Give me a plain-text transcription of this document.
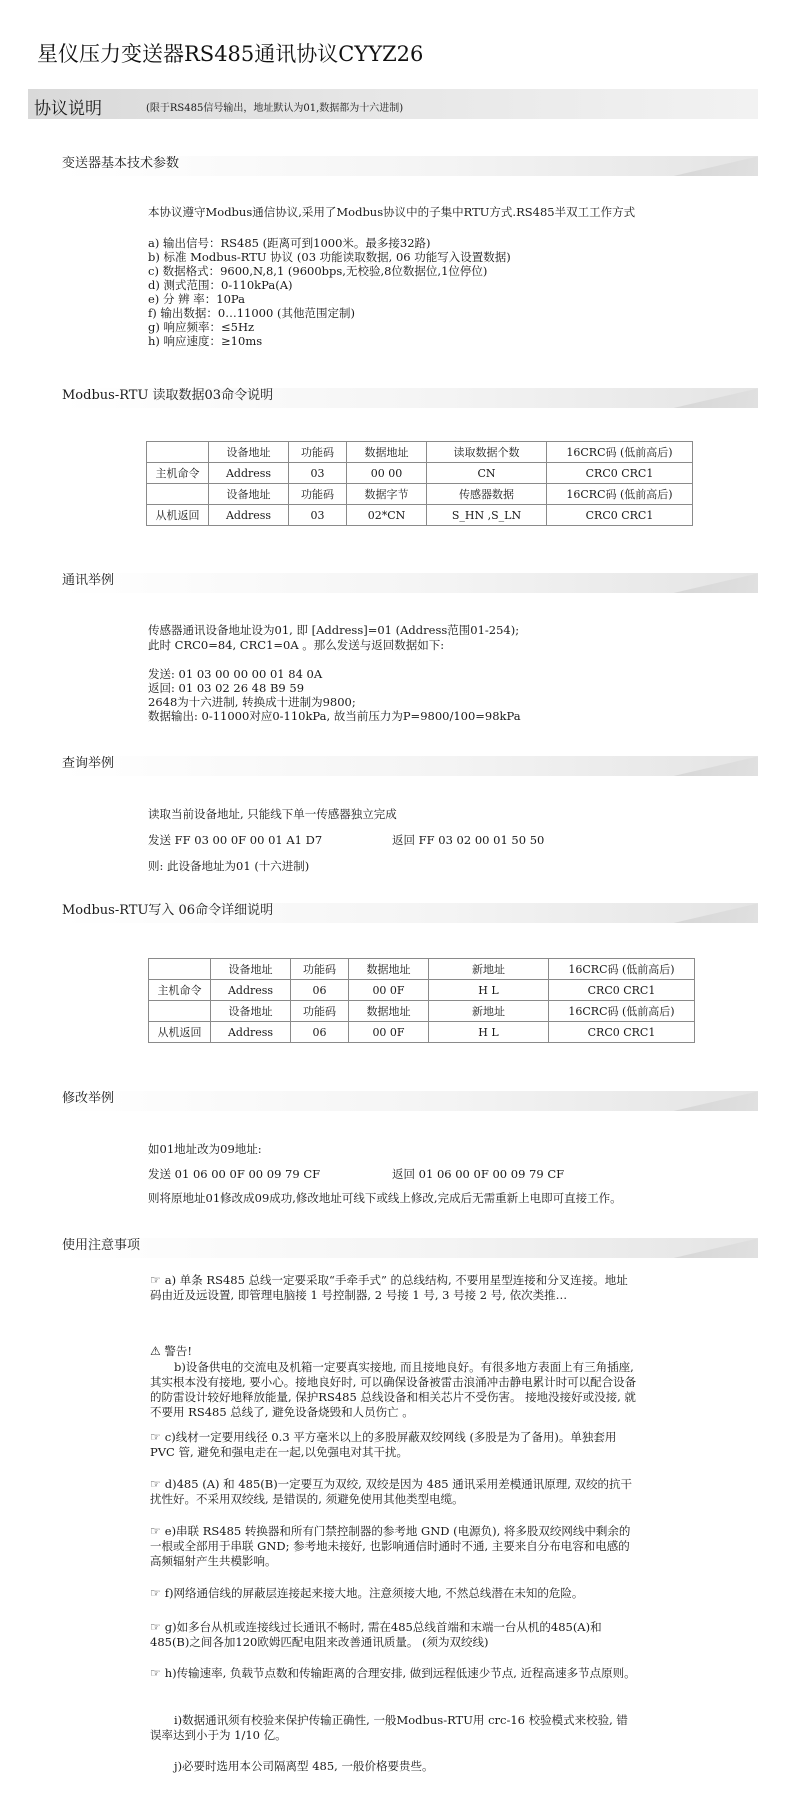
星仪压力变送器RS485通讯协议CYYZ26
协议说明	(限于RS485信号输出，地址默认为01,数据都为十六进制)
变送器基本技术参数
本协议遵守Modbus通信协议,采用了Modbus协议中的子集中RTU方式.RS485半双工工作方式
a) 输出信号：RS485 (距离可到1000米。最多接32路)
b) 标准 Modbus-RTU 协议 (03 功能读取数据, 06 功能写入设置数据)
c) 数据格式：9600,N,8,1 (9600bps,无校验,8位数据位,1位停位)
d) 测式范围：0-110kPa(A)
e) 分 辨 率：10Pa
f) 输出数据：0…11000 (其他范围定制)
g) 响应频率：≤5Hz
h) 响应速度：≥10ms
Modbus-RTU 读取数据03命令说明
	设备地址	功能码	数据地址	读取数据个数	16CRC码 (低前高后)
主机命令	Address	03	00 00	CN	CRC0 CRC1
	设备地址	功能码	数据字节	传感器数据	16CRC码 (低前高后)
从机返回	Address	03	02*CN	S_HN ,S_LN	CRC0 CRC1
通讯举例
传感器通讯设备地址设为01, 即 [Address]=01 (Address范围01-254);
此时 CRC0=84, CRC1=0A 。那么发送与返回数据如下:
发送: 01 03 00 00 00 01 84 0A
返回: 01 03 02 26 48 B9 59
2648为十六进制, 转换成十进制为9800;
数据输出: 0-11000对应0-110kPa, 故当前压力为P=9800/100=98kPa
查询举例
读取当前设备地址, 只能线下单一传感器独立完成
发送 FF 03 00 0F 00 01 A1 D7	返回 FF 03 02 00 01 50 50
则: 此设备地址为01 (十六进制)
Modbus-RTU写入 06命令详细说明
	设备地址	功能码	数据地址	新地址	16CRC码 (低前高后)
主机命令	Address	06	00 0F	H L	CRC0 CRC1
	设备地址	功能码	数据地址	新地址	16CRC码 (低前高后)
从机返回	Address	06	00 0F	H L	CRC0 CRC1
修改举例
如01地址改为09地址:
发送 01 06 00 0F 00 09 79 CF	返回 01 06 00 0F 00 09 79 CF
则将原地址01修改成09成功,修改地址可线下或线上修改,完成后无需重新上电即可直接工作。
使用注意事项
☞ a) 单条 RS485 总线一定要采取“手牵手式” 的总线结构, 不要用星型连接和分叉连接。地址码由近及远设置, 即管理电脑接 1 号控制器, 2 号接 1 号, 3 号接 2 号, 依次类推…
⚠ 警告!
b)设备供电的交流电及机箱一定要真实接地, 而且接地良好。有很多地方表面上有三角插座, 其实根本没有接地, 要小心。接地良好时, 可以确保设备被雷击浪涌冲击静电累计时可以配合设备的防雷设计较好地释放能量, 保护RS485 总线设备和相关芯片不受伤害。 接地没接好或没接, 就不要用 RS485 总线了, 避免设备烧毁和人员伤亡 。
☞ c)线材一定要用线径 0.3 平方毫米以上的多股屏蔽双绞网线 (多股是为了备用)。单独套用PVC 管, 避免和强电走在一起,以免强电对其干扰。
☞ d)485 (A) 和 485(B)一定要互为双绞, 双绞是因为 485 通讯采用差模通讯原理, 双绞的抗干扰性好。不采用双绞线, 是错误的, 须避免使用其他类型电缆。
☞ e)串联 RS485 转换器和所有门禁控制器的参考地 GND (电源负), 将多股双绞网线中剩余的一根或全部用于串联 GND; 参考地未接好, 也影响通信时通时不通, 主要来自分布电容和电感的高频辐射产生共模影响。
☞ f)网络通信线的屏蔽层连接起来接大地。注意须接大地, 不然总线潜在未知的危险。
☞ g)如多台从机或连接线过长通讯不畅时, 需在485总线首端和末端一台从机的485(A)和485(B)之间各加120欧姆匹配电阻来改善通讯质量。 (须为双绞线)
☞ h)传输速率, 负载节点数和传输距离的合理安排, 做到远程低速少节点, 近程高速多节点原则。
i)数据通讯须有校验来保护传输正确性, 一般Modbus-RTU用 crc-16 校验模式来校验, 错误率达到小于为 1/10 亿。
j)必要时选用本公司隔离型 485, 一般价格要贵些。
